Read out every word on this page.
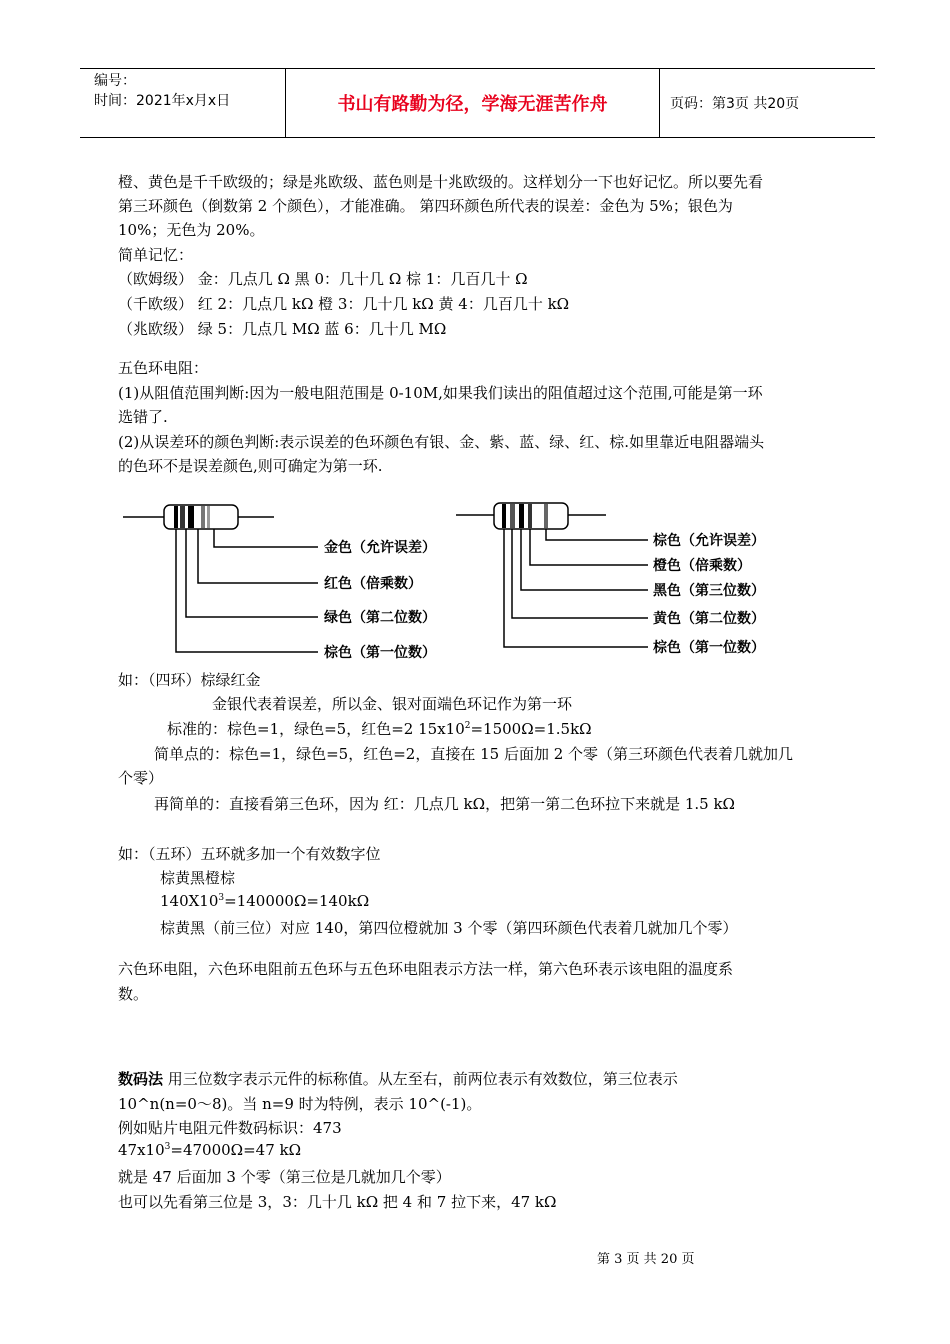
编号：
时间：2021年x月x日	书山有路勤为径，学海无涯苦作舟	页码：第3页 共20页
橙、黄色是千千欧级的；绿是兆欧级、蓝色则是十兆欧级的。这样划分一下也好记忆。所以要先看
第三环颜色（倒数第 2 个颜色），才能准确。 第四环颜色所代表的误差：金色为 5%；银色为
10%；无色为 20%。
简单记忆：
（欧姆级） 金：几点几 Ω 黑 0：几十几 Ω 棕 1：几百几十 Ω
（千欧级） 红 2：几点几 kΩ 橙 3：几十几 kΩ 黄 4：几百几十 kΩ
（兆欧级） 绿 5：几点几 MΩ 蓝 6：几十几 MΩ
五色环电阻：
(1)从阻值范围判断:因为一般电阻范围是 0-10M,如果我们读出的阻值超过这个范围,可能是第一环
选错了.
(2)从误差环的颜色判断:表示误差的色环颜色有银、金、紫、蓝、绿、红、棕.如里靠近电阻器端头
的色环不是误差颜色,则可确定为第一环.
金色（允许误差）
红色（倍乘数）
绿色（第二位数）
棕色（第一位数）
棕色（允许误差）
橙色（倍乘数）
黑色（第三位数）
黄色（第二位数）
棕色（第一位数）
如：（四环）棕绿红金
金银代表着误差，所以金、银对面端色环记作为第一环
标准的：棕色=1，绿色=5，红色=2 $15x10^2=1500\Omega=1.5k\Omega$
简单点的：棕色=1，绿色=5，红色=2，直接在 15 后面加 2 个零（第三环颜色代表着几就加几
个零）
再简单的：直接看第三色环，因为 红：几点几 kΩ，把第一第二色环拉下来就是 1.5 kΩ
如：（五环）五环就多加一个有效数字位
棕黄黑橙棕
$140X10^3=140000\Omega=140k\Omega$
棕黄黑（前三位）对应 140，第四位橙就加 3 个零（第四环颜色代表着几就加几个零）
六色环电阻，六色环电阻前五色环与五色环电阻表示方法一样，第六色环表示该电阻的温度系
数。
数码法 用三位数字表示元件的标称值。从左至右，前两位表示有效数位，第三位表示
10^n(n=0～8)。当 n=9 时为特例，表示 10^(-1)。
例如贴片电阻元件数码标识：473
$47x10^3=47000\Omega=47$ kΩ
就是 47 后面加 3 个零（第三位是几就加几个零）
也可以先看第三位是 3，3：几十几 kΩ 把 4 和 7 拉下来，47 kΩ
第 3 页 共 20 页
